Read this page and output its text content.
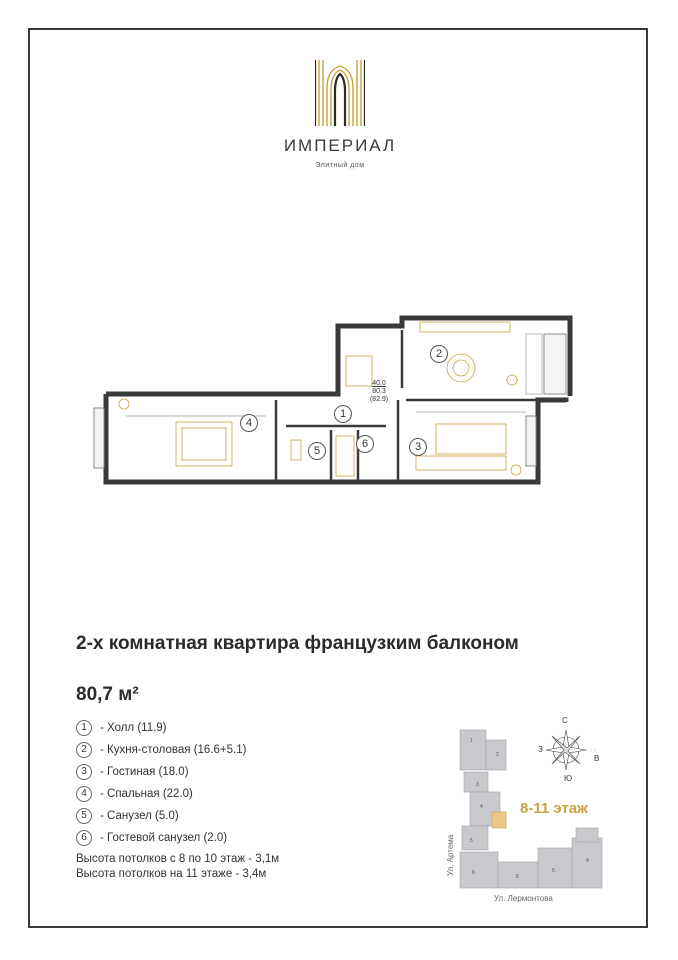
ИМПЕРИАЛ
Элитный дом
1
2
3
4
5
6
40.0
80.3
(82.9)
2-х комнатная квартира французким балконом
80,7 м²
1	- Холл (11.9)
2	- Кухня-столовая (16.6+5.1)
3	- Гостиная (18.0)
4	- Спальная (22.0)
5	- Санузел (5.0)
6	- Гостевой санузел (2.0)
Высота потолков с 8 по 10 этаж - 3,1м
Высота потолков на 11 этаже - 3,4м
1
2
3
4
5
6
5
5
4
С
З
В
Ю
8-11 этаж
Ул. Артема
Ул. Лермонтова
